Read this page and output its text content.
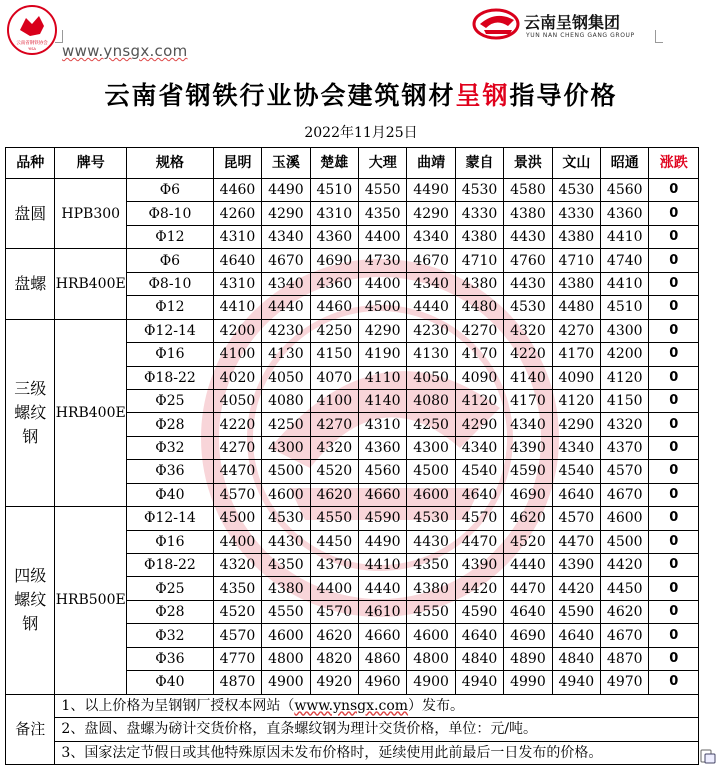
云南省钢铁协会
YISA www.ynsgx.com
云南呈钢集团
YUN NAN CHENG GANG GROUP
云南省钢铁行业协会建筑钢材呈钢指导价格
2022年11月25日
品种	牌号	规格	昆明	玉溪	楚雄	大理	曲靖	蒙自	景洪	文山	昭通	涨跌
盘圆	HPB300	Φ6	4460	4490	4510	4550	4490	4530	4580	4530	4560	0
		Φ8-10	4260	4290	4310	4350	4290	4330	4380	4330	4360	0
		Φ12	4310	4340	4360	4400	4340	4380	4430	4380	4410	0
盘螺	HRB400E	Φ6	4640	4670	4690	4730	4670	4710	4760	4710	4740	0
		Φ8-10	4310	4340	4360	4400	4340	4380	4430	4380	4410	0
		Φ12	4410	4440	4460	4500	4440	4480	4530	4480	4510	0
三级螺纹钢	HRB400E	Φ12-14	4200	4230	4250	4290	4230	4270	4320	4270	4300	0
		Φ16	4100	4130	4150	4190	4130	4170	4220	4170	4200	0
		Φ18-22	4020	4050	4070	4110	4050	4090	4140	4090	4120	0
		Φ25	4050	4080	4100	4140	4080	4120	4170	4120	4150	0
		Φ28	4220	4250	4270	4310	4250	4290	4340	4290	4320	0
		Φ32	4270	4300	4320	4360	4300	4340	4390	4340	4370	0
		Φ36	4470	4500	4520	4560	4500	4540	4590	4540	4570	0
		Φ40	4570	4600	4620	4660	4600	4640	4690	4640	4670	0
四级螺纹钢	HRB500E	Φ12-14	4500	4530	4550	4590	4530	4570	4620	4570	4600	0
		Φ16	4400	4430	4450	4490	4430	4470	4520	4470	4500	0
		Φ18-22	4320	4350	4370	4410	4350	4390	4440	4390	4420	0
		Φ25	4350	4380	4400	4440	4380	4420	4470	4420	4450	0
		Φ28	4520	4550	4570	4610	4550	4590	4640	4590	4620	0
		Φ32	4570	4600	4620	4660	4600	4640	4690	4640	4670	0
		Φ36	4770	4800	4820	4860	4800	4840	4890	4840	4870	0
		Φ40	4870	4900	4920	4960	4900	4940	4990	4940	4970	0
备注	1、以上价格为呈钢钢厂授权本网站（www.ynsgx.com）发布。											
	2、盘圆、盘螺为磅计交货价格，直条螺纹钢为理计交货价格，单位：元/吨。											
	3、国家法定节假日或其他特殊原因未发布价格时，延续使用此前最后一日发布的价格。											
